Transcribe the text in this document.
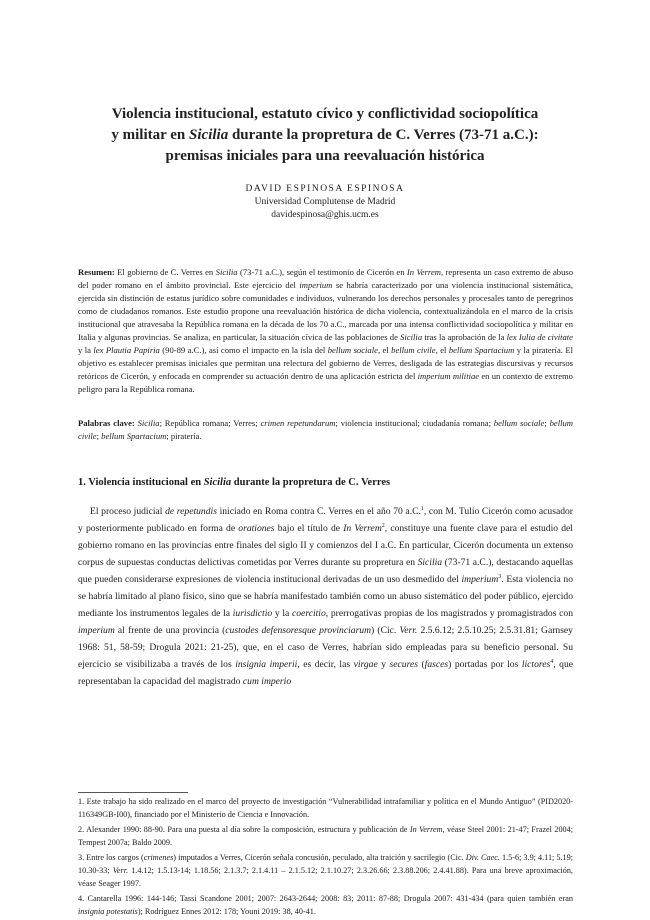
Violencia institucional, estatuto cívico y conflictividad sociopolítica
y militar en Sicilia durante la propretura de C. Verres (73-71 a.C.):
premisas iniciales para una reevaluación histórica
DAVID ESPINOSA ESPINOSA
Universidad Complutense de Madrid
davidespinosa@ghis.ucm.es

Resumen: El gobierno de C. Verres en Sicilia (73-71 a.C.), según el testimonio de Cicerón en In Verrem, representa un caso extremo de abuso del poder romano en el ámbito provincial. Este ejercicio del imperium se habría caracterizado por una violencia institucional sistemática, ejercida sin distinción de estatus jurídico sobre comunidades e individuos, vulnerando los derechos personales y procesales tanto de peregrinos como de ciudadanos romanos. Este estudio propone una reevaluación histórica de dicha violencia, contextualizándola en el marco de la crisis institucional que atravesaba la República romana en la década de los 70 a.C., marcada por una intensa conflictividad sociopolítica y militar en Italia y algunas provincias. Se analiza, en particular, la situación cívica de las poblaciones de Sicilia tras la aprobación de la lex Iulia de civitate y la lex Plautia Papiria (90-89 a.C.), así como el impacto en la isla del bellum sociale, el bellum civile, el bellum Spartacium y la piratería. El objetivo es establecer premisas iniciales que permitan una relectura del gobierno de Verres, desligada de las estrategias discursivas y recursos retóricos de Cicerón, y enfocada en comprender su actuación dentro de una aplicación estricta del imperium militiae en un contexto de extremo peligro para la República romana.

Palabras clave: Sicilia; República romana; Verres; crimen repetundarum; violencia institucional; ciudadanía romana; bellum sociale; bellum civile; bellum Spartacium; piratería.

1. Violencia institucional en Sicilia durante la propretura de C. Verres

El proceso judicial de repetundis iniciado en Roma contra C. Verres en el año 70 a.C.$^1$, con M. Tulio Cicerón como acusador y posteriormente publicado en forma de orationes bajo el título de In Verrem$^2$, constituye una fuente clave para el estudio del gobierno romano en las provincias entre finales del siglo II y comienzos del I a.C. En particular, Cicerón documenta un extenso corpus de supuestas conductas delictivas cometidas por Verres durante su propretura en Sicilia (73-71 a.C.), destacando aquellas que pueden considerarse expresiones de violencia institucional derivadas de un uso desmedido del imperium$^3$. Esta violencia no se habría limitado al plano físico, sino que se habría manifestado también como un abuso sistemático del poder público, ejercido mediante los instrumentos legales de la iurisdictio y la coercitio, prerrogativas propias de los magistrados y promagistrados con imperium al frente de una provincia (custodes defensoresque provinciarum) (Cic. Verr. 2.5.6.12; 2.5.10.25; 2.5.31.81; Garnsey 1968: 51, 58-59; Drogula 2021: 21-25), que, en el caso de Verres, habrían sido empleadas para su beneficio personal. Su ejercicio se visibilizaba a través de los insignia imperii, es decir, las virgae y secures (fasces) portadas por los lictores$^4$, que representaban la capacidad del magistrado cum imperio

1. Este trabajo ha sido realizado en el marco del proyecto de investigación “Vulnerabilidad intrafamiliar y política en el Mundo Antiguo” (PID2020-116349GB-I00), financiado por el Ministerio de Ciencia e Innovación.

2. Alexander 1990: 88-90. Para una puesta al día sobre la composición, estructura y publicación de In Verrem, véase Steel 2001: 21-47; Frazel 2004; Tempest 2007a; Baldo 2009.

3. Entre los cargos (crimenes) imputados a Verres, Cicerón señala concusión, peculado, alta traición y sacrilegio (Cic. Div. Caec. 1.5-6; 3.9; 4.11; 5.19; 10.30-33; Verr. 1.4.12; 1.5.13-14; 1.18.56; 2.1.3.7; 2.1.4.11 – 2.1.5.12; 2.1.10.27; 2.3.26.66; 2.3.88.206; 2.4.41.88). Para una breve aproximación, véase Seager 1997.

4. Cantarella 1996: 144-146; Tassi Scandone 2001; 2007: 2643-2644; 2008: 83; 2011: 87-88; Drogula 2007: 431-434 (para quien también eran insignia potestatis); Rodríguez Ennes 2012: 178; Youni 2019: 38, 40-41.
